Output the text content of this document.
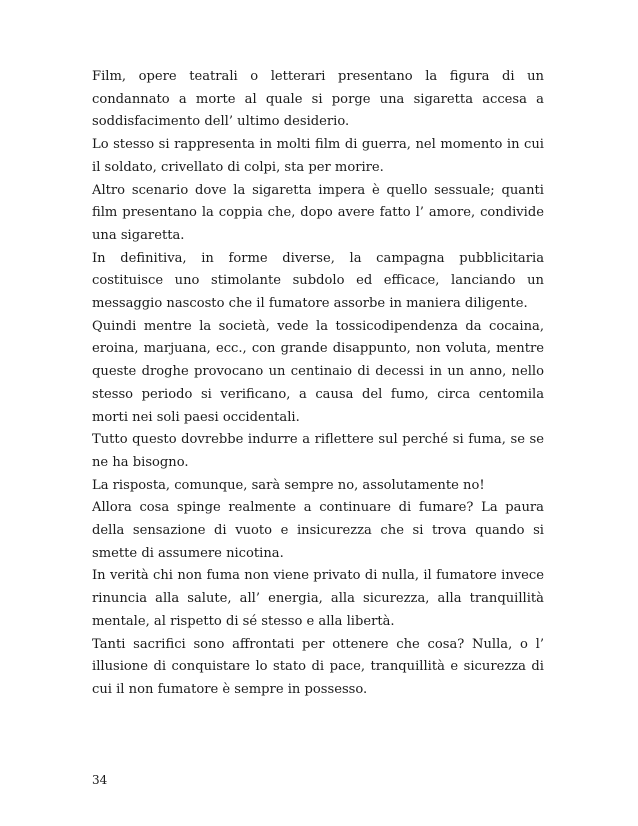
Film, opere teatrali o letterari presentano la figura di un condannato a morte al quale si porge una sigaretta accesa a soddisfacimento dell’ ultimo desiderio.

Lo stesso si rappresenta in molti film di guerra, nel momento in cui il soldato, crivellato di colpi, sta per morire.

Altro scenario dove la sigaretta impera è quello sessuale; quanti film presentano la coppia che, dopo avere fatto l’ amore, condivide una sigaretta.

In definitiva, in forme diverse, la campagna pubblicitaria costituisce uno stimolante subdolo ed efficace, lanciando un messaggio nascosto che il fumatore assorbe in maniera diligente.

Quindi mentre la società, vede la tossicodipendenza da cocaina, eroina, marjuana, ecc., con grande disappunto, non voluta, mentre queste droghe provocano un centinaio di decessi in un anno, nello stesso periodo si verificano, a causa del fumo, circa centomila morti nei soli paesi occidentali.

Tutto questo dovrebbe indurre a riflettere sul perché si fuma, se se ne ha bisogno.

La risposta, comunque, sarà sempre no, assolutamente no!

Allora cosa spinge realmente a continuare di fumare? La paura della sensazione di vuoto e insicurezza che si trova quando si smette di assumere nicotina.

In verità chi non fuma non viene privato di nulla, il fumatore invece rinuncia alla salute, all’ energia, alla sicurezza, alla tranquillità mentale, al rispetto di sé stesso e alla libertà.

Tanti sacrifici sono affrontati per ottenere che cosa? Nulla, o l’ illusione di conquistare lo stato di pace, tranquillità e sicurezza di cui il non fumatore è sempre in possesso.

34
